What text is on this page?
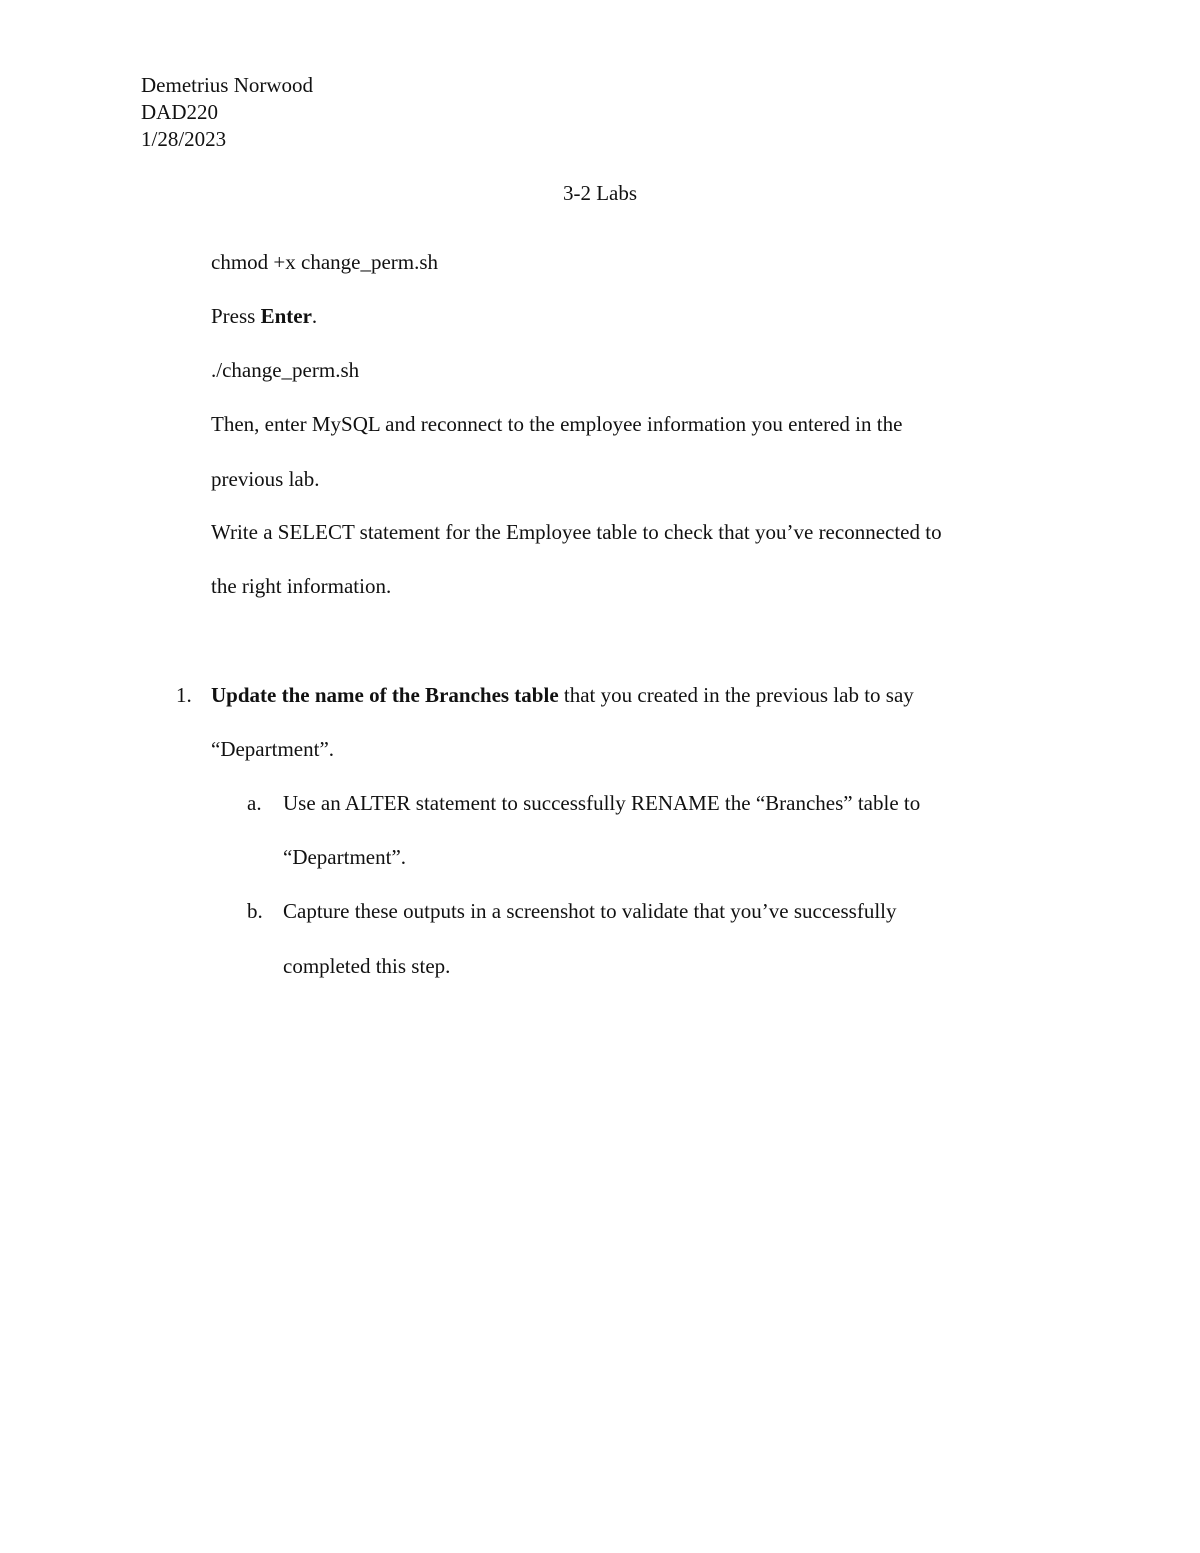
Demetrius Norwood
DAD220
1/28/2023
3-2 Labs
chmod +x change_perm.sh
Press Enter.
./change_perm.sh
Then, enter MySQL and reconnect to the employee information you entered in the
previous lab.
Write a SELECT statement for the Employee table to check that you’ve reconnected to
the right information.
1. Update the name of the Branches table that you created in the previous lab to say
“Department”.
a. Use an ALTER statement to successfully RENAME the “Branches” table to
“Department”.
b. Capture these outputs in a screenshot to validate that you’ve successfully
completed this step.
